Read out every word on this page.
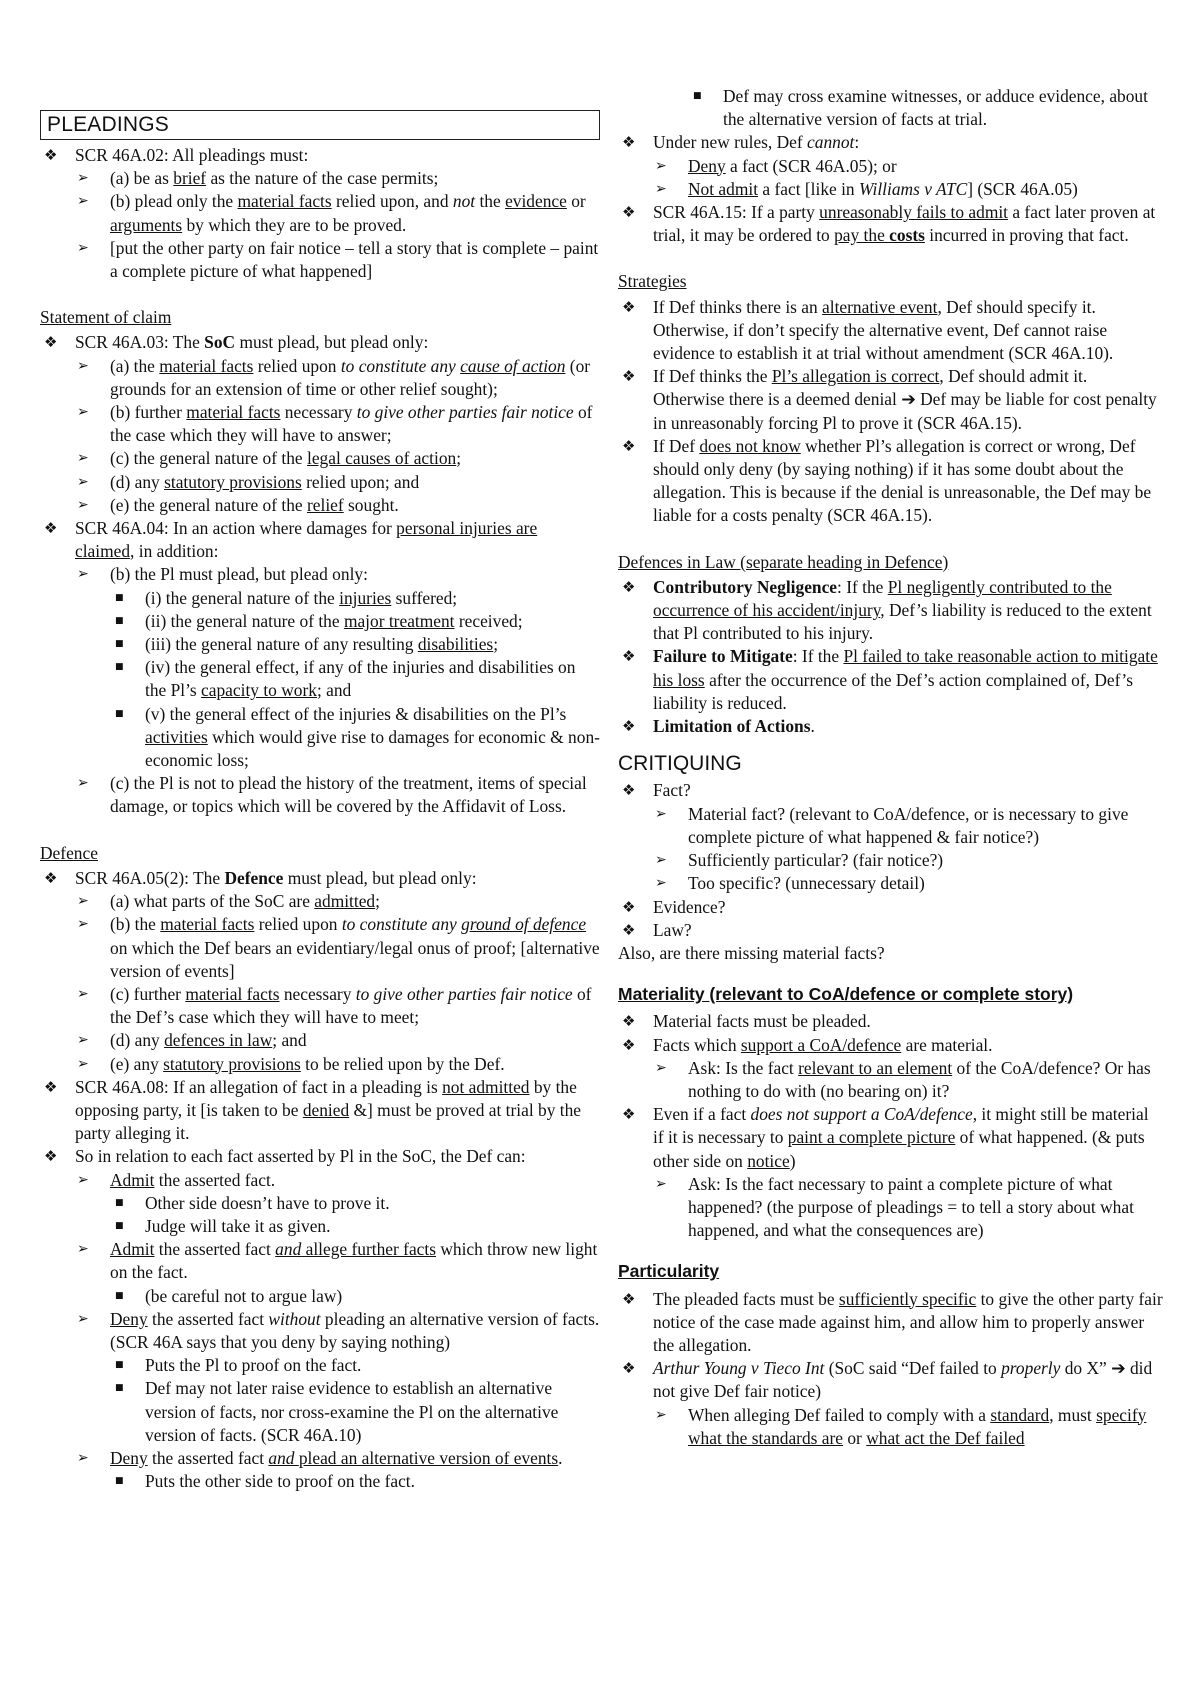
PLEADINGS
❖ SCR 46A.02: All pleadings must:
➢ (a) be as brief as the nature of the case permits;
➢ (b) plead only the material facts relied upon, and not the evidence or arguments by which they are to be proved.
➢ [put the other party on fair notice – tell a story that is complete – paint a complete picture of what happened]
Statement of claim
❖ SCR 46A.03: The SoC must plead, but plead only:
➢ (a) the material facts relied upon to constitute any cause of action (or grounds for an extension of time or other relief sought);
➢ (b) further material facts necessary to give other parties fair notice of the case which they will have to answer;
➢ (c) the general nature of the legal causes of action;
➢ (d) any statutory provisions relied upon; and
➢ (e) the general nature of the relief sought.
❖ SCR 46A.04: In an action where damages for personal injuries are claimed, in addition:
➢ (b) the Pl must plead, but plead only:
■ (i) the general nature of the injuries suffered;
■ (ii) the general nature of the major treatment received;
■ (iii) the general nature of any resulting disabilities;
■ (iv) the general effect, if any of the injuries and disabilities on the Pl’s capacity to work; and
■ (v) the general effect of the injuries & disabilities on the Pl’s activities which would give rise to damages for economic & non-economic loss;
➢ (c) the Pl is not to plead the history of the treatment, items of special damage, or topics which will be covered by the Affidavit of Loss.
Defence
❖ SCR 46A.05(2): The Defence must plead, but plead only:
➢ (a) what parts of the SoC are admitted;
➢ (b) the material facts relied upon to constitute any ground of defence on which the Def bears an evidentiary/legal onus of proof; [alternative version of events]
➢ (c) further material facts necessary to give other parties fair notice of the Def’s case which they will have to meet;
➢ (d) any defences in law; and
➢ (e) any statutory provisions to be relied upon by the Def.
❖ SCR 46A.08: If an allegation of fact in a pleading is not admitted by the opposing party, it [is taken to be denied &] must be proved at trial by the party alleging it.
❖ So in relation to each fact asserted by Pl in the SoC, the Def can:
➢ Admit the asserted fact.
■ Other side doesn’t have to prove it.
■ Judge will take it as given.
➢ Admit the asserted fact and allege further facts which throw new light on the fact.
■ (be careful not to argue law)
➢ Deny the asserted fact without pleading an alternative version of facts. (SCR 46A says that you deny by saying nothing)
■ Puts the Pl to proof on the fact.
■ Def may not later raise evidence to establish an alternative version of facts, nor cross-examine the Pl on the alternative version of facts. (SCR 46A.10)
➢ Deny the asserted fact and plead an alternative version of events.
■ Puts the other side to proof on the fact.
■ Def may cross examine witnesses, or adduce evidence, about the alternative version of facts at trial.
❖ Under new rules, Def cannot:
➢ Deny a fact (SCR 46A.05); or
➢ Not admit a fact [like in Williams v ATC] (SCR 46A.05)
❖ SCR 46A.15: If a party unreasonably fails to admit a fact later proven at trial, it may be ordered to pay the costs incurred in proving that fact.
Strategies
❖ If Def thinks there is an alternative event, Def should specify it. Otherwise, if don’t specify the alternative event, Def cannot raise evidence to establish it at trial without amendment (SCR 46A.10).
❖ If Def thinks the Pl’s allegation is correct, Def should admit it. Otherwise there is a deemed denial ➔ Def may be liable for cost penalty in unreasonably forcing Pl to prove it (SCR 46A.15).
❖ If Def does not know whether Pl’s allegation is correct or wrong, Def should only deny (by saying nothing) if it has some doubt about the allegation. This is because if the denial is unreasonable, the Def may be liable for a costs penalty (SCR 46A.15).
Defences in Law (separate heading in Defence)
❖ Contributory Negligence: If the Pl negligently contributed to the occurrence of his accident/injury, Def’s liability is reduced to the extent that Pl contributed to his injury.
❖ Failure to Mitigate: If the Pl failed to take reasonable action to mitigate his loss after the occurrence of the Def’s action complained of, Def’s liability is reduced.
❖ Limitation of Actions.
CRITIQUING
❖ Fact?
➢ Material fact? (relevant to CoA/defence, or is necessary to give complete picture of what happened & fair notice?)
➢ Sufficiently particular? (fair notice?)
➢ Too specific? (unnecessary detail)
❖ Evidence?
❖ Law?

Also, are there missing material facts?

Materiality (relevant to CoA/defence or complete story)
❖ Material facts must be pleaded.
❖ Facts which support a CoA/defence are material.
➢ Ask: Is the fact relevant to an element of the CoA/defence? Or has nothing to do with (no bearing on) it?
❖ Even if a fact does not support a CoA/defence, it might still be material if it is necessary to paint a complete picture of what happened. (& puts other side on notice)
➢ Ask: Is the fact necessary to paint a complete picture of what happened? (the purpose of pleadings = to tell a story about what happened, and what the consequences are)
Particularity
❖ The pleaded facts must be sufficiently specific to give the other party fair notice of the case made against him, and allow him to properly answer the allegation.
❖ Arthur Young v Tieco Int (SoC said “Def failed to properly do X” ➔ did not give Def fair notice)
➢ When alleging Def failed to comply with a standard, must specify what the standards are or what act the Def failed
